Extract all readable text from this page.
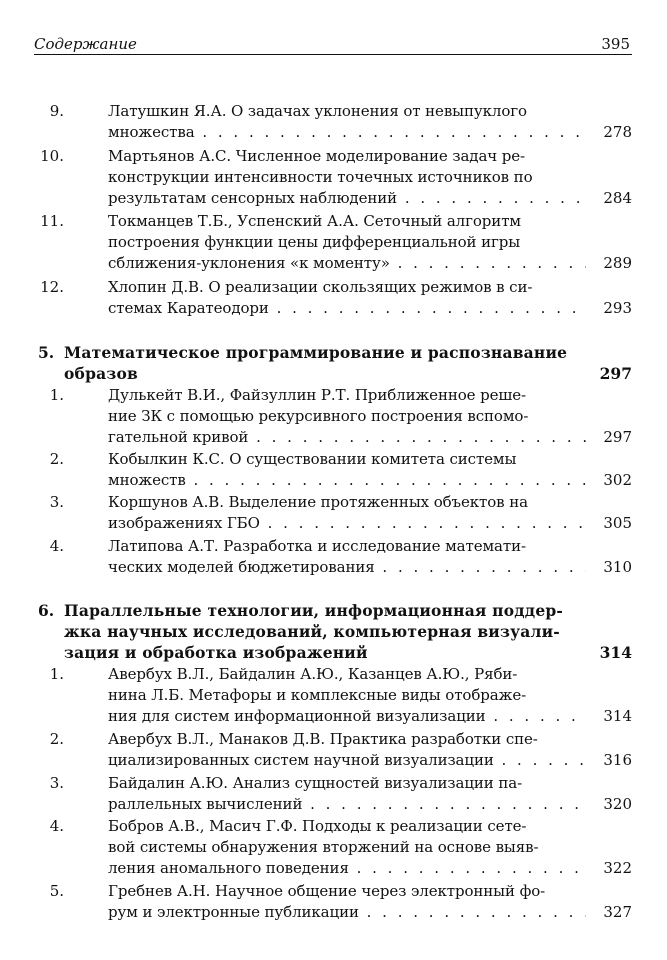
Содержание	395
9.	Латушкин Я.А. О задачах уклонения от невыпуклого
множества . . .	278
10.	Мартьянов А.С. Численное моделирование задач ре-
конструкции интенсивности точечных источников по
результатам сенсорных наблюдений . . .	284
11.	Токманцев Т.Б., Успенский А.А. Сеточный алгоритм
построения функции цены дифференциальной игры
сближения-уклонения «к моменту» . . .	289
12.	Хлопин Д.В. О реализации скользящих режимов в си-
стемах Каратеодори . . .	293
5. Математическое программирование и распознавание
образов	297
1.	Дулькейт В.И., Файзуллин Р.Т. Приближенное реше-
ние ЗК с помощью рекурсивного построения вспомо-
гательной кривой . . .	297
2.	Кобылкин К.С. О существовании комитета системы
множеств . . .	302
3.	Коршунов А.В. Выделение протяженных объектов на
изображениях ГБО . . .	305
4.	Латипова А.Т. Разработка и исследование математи-
ческих моделей бюджетирования . . .	310
6. Параллельные технологии, информационная поддер-
жка научных исследований, компьютерная визуали-
зация и обработка изображений	314
1.	Авербух В.Л., Байдалин А.Ю., Казанцев А.Ю., Ряби-
нина Л.Б. Метафоры и комплексные виды отображе-
ния для систем информационной визуализации . . .	314
2.	Авербух В.Л., Манаков Д.В. Практика разработки спе-
циализированных систем научной визуализации . . .	316
3.	Байдалин А.Ю. Анализ сущностей визуализации па-
раллельных вычислений . . .	320
4.	Бобров А.В., Масич Г.Ф. Подходы к реализации сете-
вой системы обнаружения вторжений на основе выяв-
ления аномального поведения . . .	322
5.	Гребнев А.Н. Научное общение через электронный фо-
рум и электронные публикации . . .	327
